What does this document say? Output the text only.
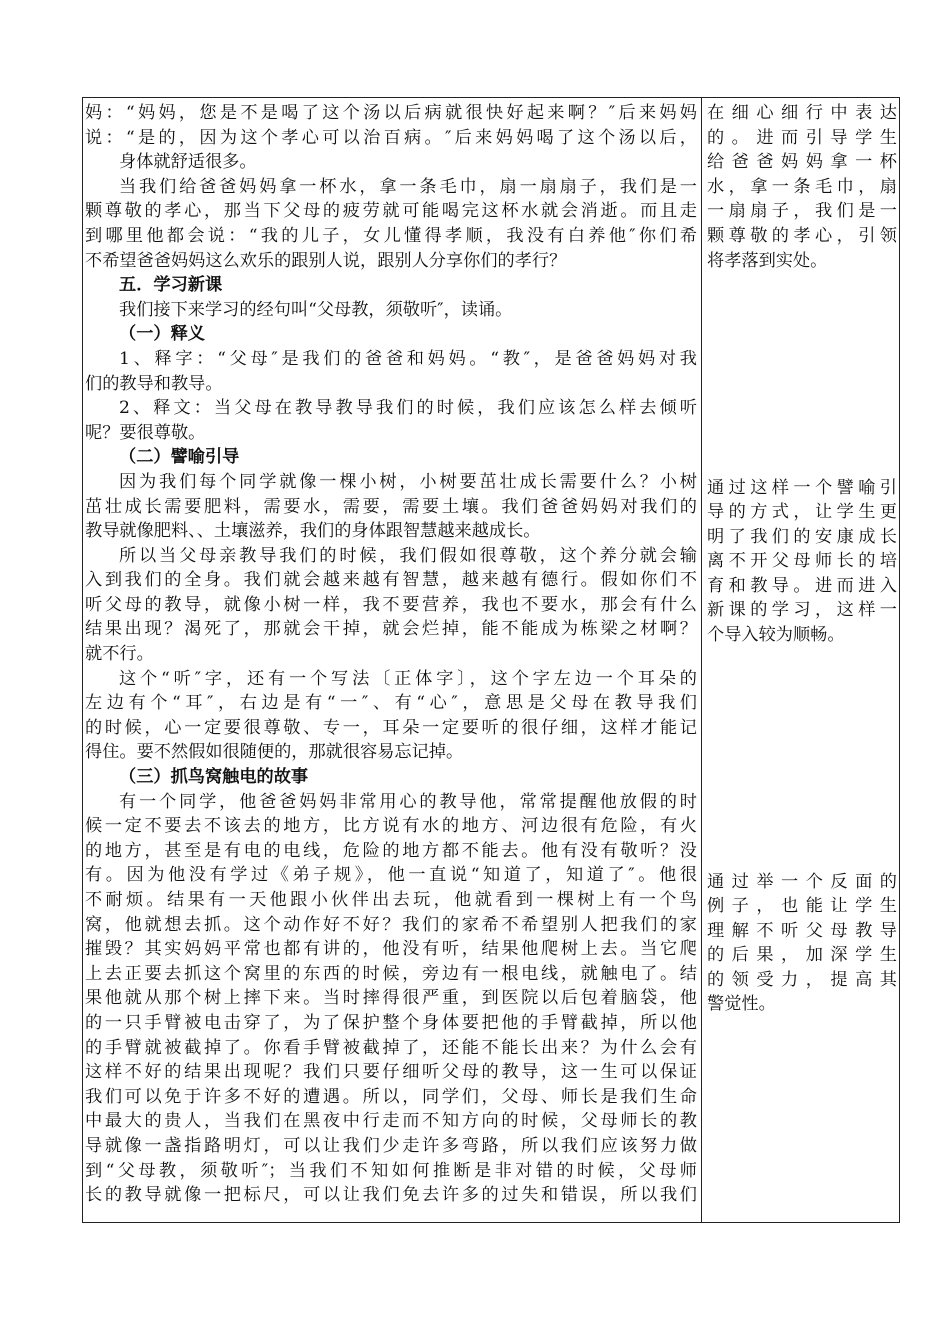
妈：“妈妈，您是不是喝了这个汤以后病就很快好起来啊？″后来妈妈
说：“是的，因为这个孝心可以治百病。″后来妈妈喝了这个汤以后，
身体就舒适很多。
当我们给爸爸妈妈拿一杯水，拿一条毛巾，扇一扇扇子，我们是一
颗尊敬的孝心，那当下父母的疲劳就可能喝完这杯水就会消逝。而且走
到哪里他都会说：“我的儿子，女儿懂得孝顺，我没有白养他″你们希
不希望爸爸妈妈这么欢乐的跟别人说，跟别人分享你们的孝行？
五．学习新课
我们接下来学习的经句叫“父母教，须敬听″，读诵。
（一）释义
1、释字：“父母″是我们的爸爸和妈妈。“教″，是爸爸妈妈对我
们的教导和教导。
2、释文：当父母在教导教导我们的时候，我们应该怎么样去倾听
呢？要很尊敬。
（二）譬喻引导
因为我们每个同学就像一棵小树，小树要茁壮成长需要什么？小树
茁壮成长需要肥料，需要水，需要，需要土壤。我们爸爸妈妈对我们的
教导就像肥料、、土壤滋养，我们的身体跟智慧越来越成长。
所以当父母亲教导我们的时候，我们假如很尊敬，这个养分就会输
入到我们的全身。我们就会越来越有智慧，越来越有德行。假如你们不
听父母的教导，就像小树一样，我不要营养，我也不要水，那会有什么
结果出现？渴死了，那就会干掉，就会烂掉，能不能成为栋梁之材啊？
就不行。
这个“听″字，还有一个写法〔正体字〕，这个字左边一个耳朵的
左边有个“耳″，右边是有“一″、有“心″，意思是父母在教导我们
的时候，心一定要很尊敬、专一，耳朵一定要听的很仔细，这样才能记
得住。要不然假如很随便的，那就很容易忘记掉。
（三）抓鸟窝触电的故事
有一个同学，他爸爸妈妈非常用心的教导他，常常提醒他放假的时
候一定不要去不该去的地方，比方说有水的地方、河边很有危险，有火
的地方，甚至是有电的电线，危险的地方都不能去。他有没有敬听？没
有。因为他没有学过《弟子规》，他一直说“知道了，知道了″。他很
不耐烦。结果有一天他跟小伙伴出去玩，他就看到一棵树上有一个鸟
窝，他就想去抓。这个动作好不好？我们的家希不希望别人把我们的家
摧毁？其实妈妈平常也都有讲的，他没有听，结果他爬树上去。当它爬
上去正要去抓这个窝里的东西的时候，旁边有一根电线，就触电了。结
果他就从那个树上摔下来。当时摔得很严重，到医院以后包着脑袋，他
的一只手臂被电击穿了，为了保护整个身体要把他的手臂截掉，所以他
的手臂就被截掉了。你看手臂被截掉了，还能不能长出来？为什么会有
这样不好的结果出现呢？我们只要仔细听父母的教导，这一生可以保证
我们可以免于许多不好的遭遇。所以，同学们，父母、师长是我们生命
中最大的贵人，当我们在黑夜中行走而不知方向的时候，父母师长的教
导就像一盏指路明灯，可以让我们少走许多弯路，所以我们应该努力做
到“父母教，须敬听″；当我们不知如何推断是非对错的时候，父母师
长的教导就像一把标尺，可以让我们免去许多的过失和错误，所以我们
在细心细行中表达
的。进而引导学生
给爸爸妈妈拿一杯
水，拿一条毛巾，扇
一扇扇子，我们是一
颗尊敬的孝心，引领
将孝落到实处。
通过这样一个譬喻引
导的方式，让学生更
明了我们的安康成长
离不开父母师长的培
育和教导。进而进入
新课的学习，这样一
个导入较为顺畅。
通过举一个反面的
例子，也能让学生
理解不听父母教导
的后果，加深学生
的领受力，提高其
警觉性。
